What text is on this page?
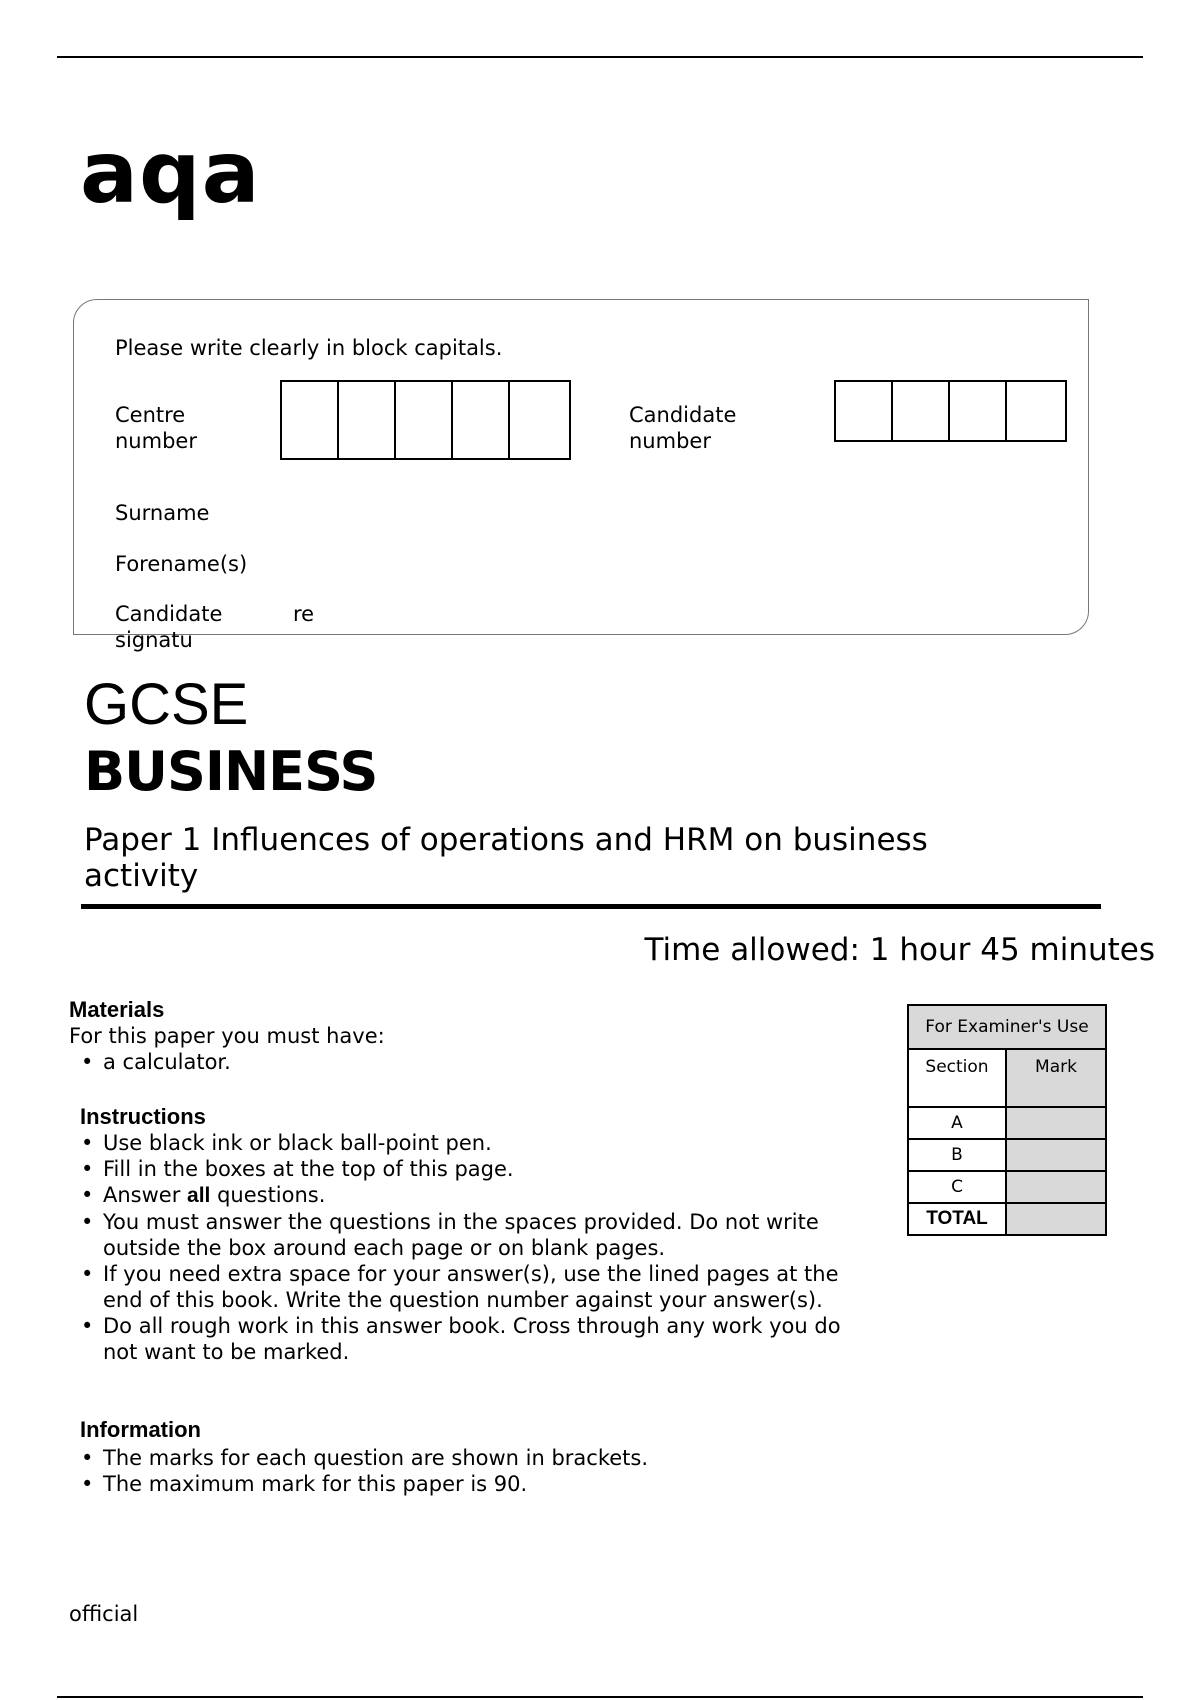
aqa
Please write clearly in block capitals.
Centre
number
Candidate
number
Surname
Forename(s)
Candidate
signatu
re
GCSE
BUSINESS
Paper 1 Influences of operations and HRM on business activity
Time allowed: 1 hour 45 minutes
Materials
For this paper you must have:
• a calculator.
Instructions
• Use black ink or black ball-point pen.
• Fill in the boxes at the top of this page.
• Answer all questions.
• You must answer the questions in the spaces provided. Do not write outside the box around each page or on blank pages.
• If you need extra space for your answer(s), use the lined pages at the end of this book. Write the question number against your answer(s).
• Do all rough work in this answer book. Cross through any work you do not want to be marked.
Information
• The marks for each question are shown in brackets.
• The maximum mark for this paper is 90.
For Examiner's Use	
Section	Mark
A	
B	
C	
TOTAL	
official
